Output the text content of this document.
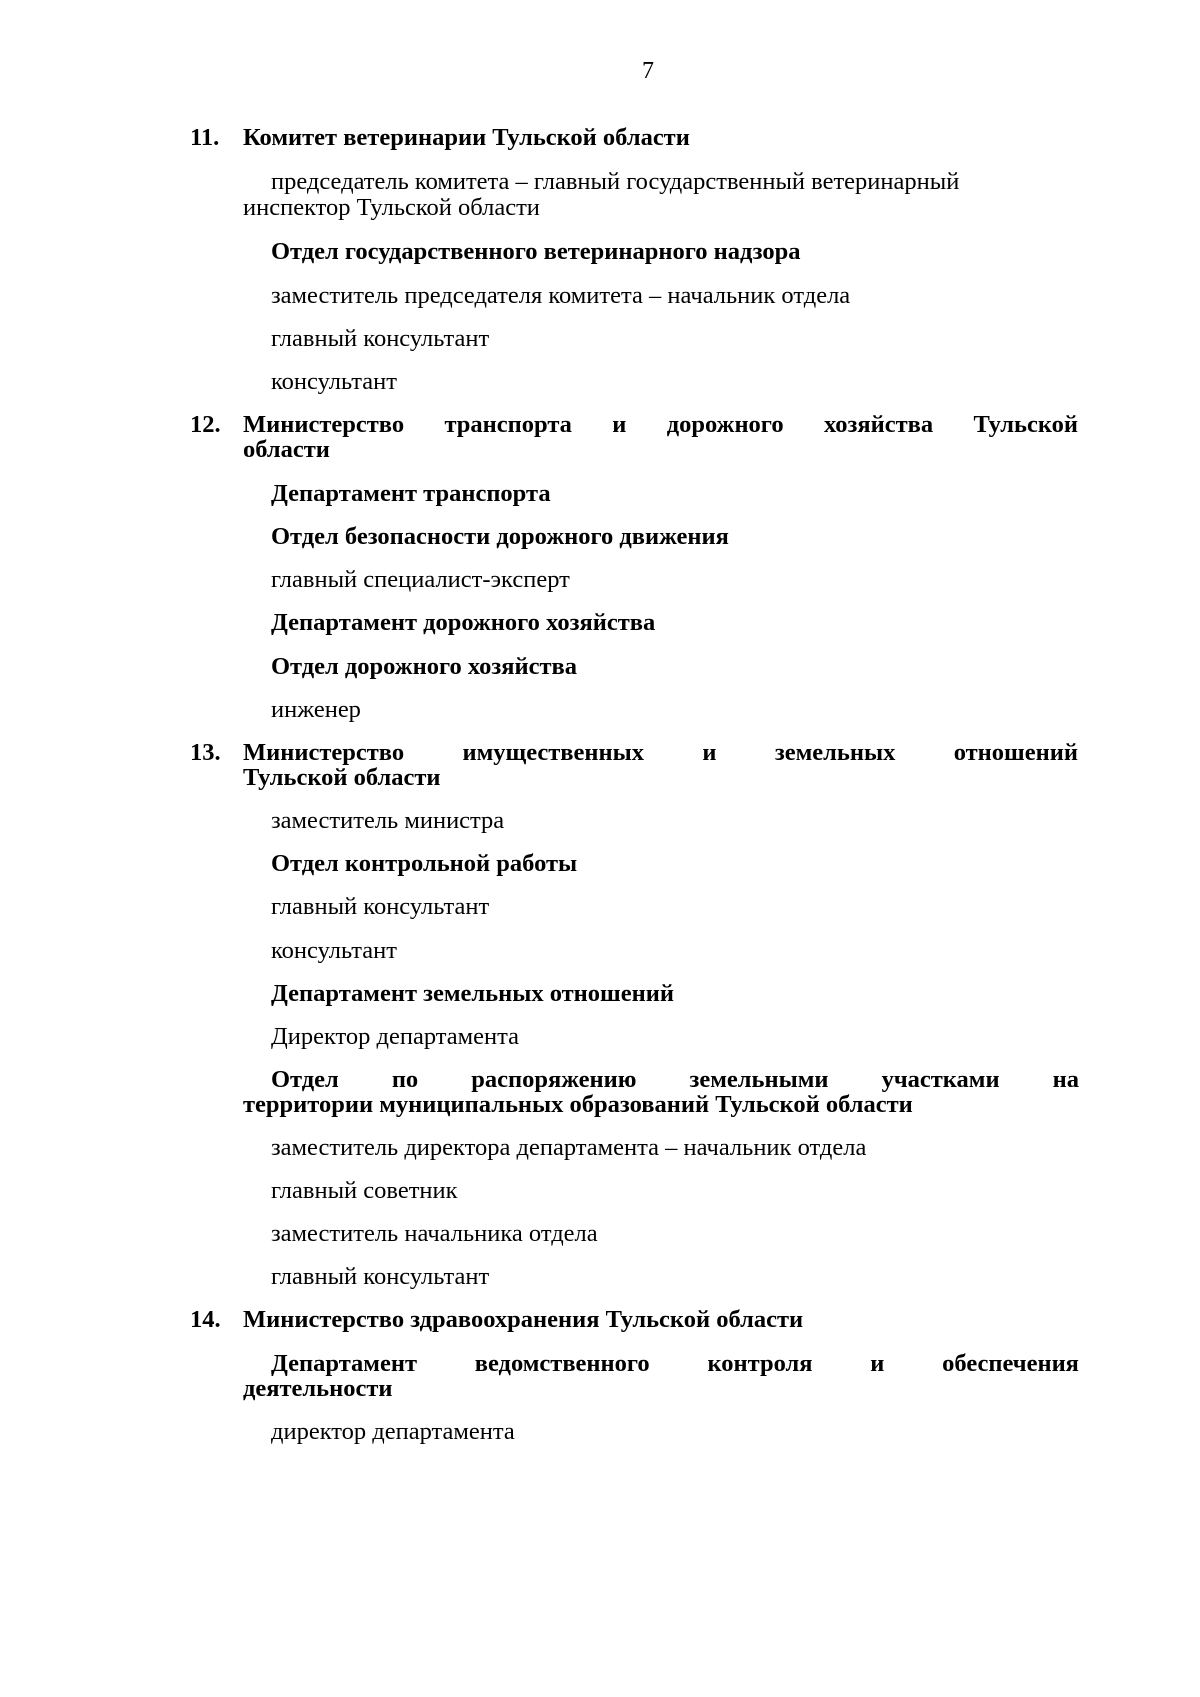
7
11. Комитет ветеринарии Тульской области
председатель комитета – главный государственный ветеринарный
инспектор Тульской области
Отдел государственного ветеринарного надзора
заместитель председателя комитета – начальник отдела
главный консультант
консультант
12. Министерство транспорта и дорожного хозяйства Тульской
области
Департамент транспорта
Отдел безопасности дорожного движения
главный специалист-эксперт
Департамент дорожного хозяйства
Отдел дорожного хозяйства
инженер
13. Министерство имущественных и земельных отношений
Тульской области
заместитель министра
Отдел контрольной работы
главный консультант
консультант
Департамент земельных отношений
Директор департамента
Отдел по распоряжению земельными участками на
территории муниципальных образований Тульской области
заместитель директора департамента – начальник отдела
главный советник
заместитель начальника отдела
главный консультант
14. Министерство здравоохранения Тульской области
Департамент ведомственного контроля и обеспечения
деятельности
директор департамента
